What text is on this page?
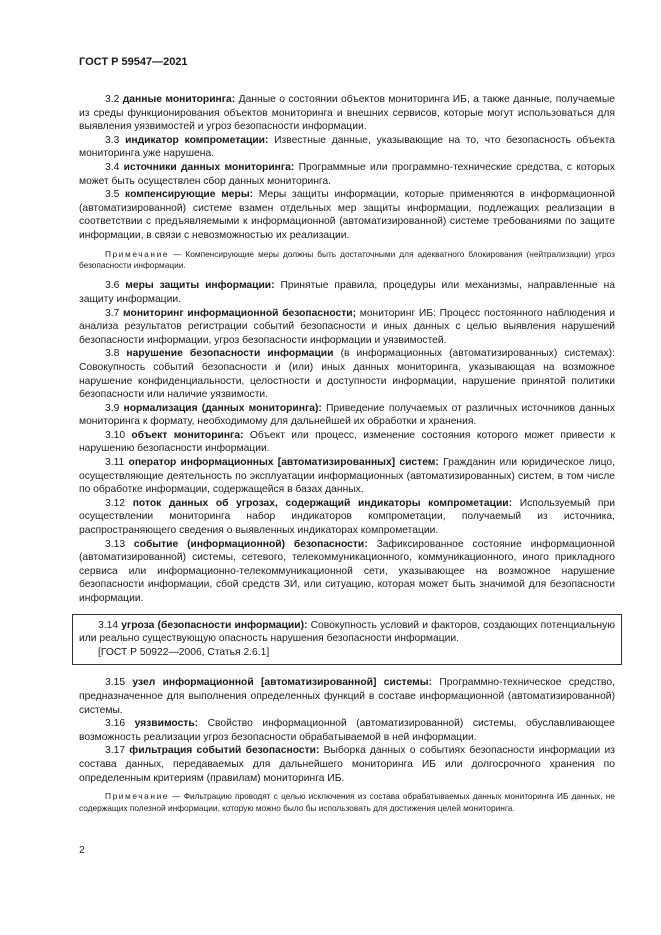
ГОСТ Р 59547—2021

3.2 данные мониторинга: Данные о состоянии объектов мониторинга ИБ, а также данные, получаемые из среды функционирования объектов мониторинга и внешних сервисов, которые могут использоваться для выявления уязвимостей и угроз безопасности информации.

3.3 индикатор компрометации: Известные данные, указывающие на то, что безопасность объекта мониторинга уже нарушена.

3.4 источники данных мониторинга: Программные или программно-технические средства, с которых может быть осуществлен сбор данных мониторинга.

3.5 компенсирующие меры: Меры защиты информации, которые применяются в информационной (автоматизированной) системе взамен отдельных мер защиты информации, подлежащих реализации в соответствии с предъявляемыми к информационной (автоматизированной) системе требованиями по защите информации, в связи с невозможностью их реализации.

Примечание — Компенсирующие меры должны быть достаточными для адекватного блокирования (нейтрализации) угроз безопасности информации.

3.6 меры защиты информации: Принятые правила, процедуры или механизмы, направленные на защиту информации.

3.7 мониторинг информационной безопасности; мониторинг ИБ: Процесс постоянного наблюдения и анализа результатов регистрации событий безопасности и иных данных с целью выявления нарушений безопасности информации, угроз безопасности информации и уязвимостей.

3.8 нарушение безопасности информации (в информационных (автоматизированных) системах): Совокупность событий безопасности и (или) иных данных мониторинга, указывающая на возможное нарушение конфиденциальности, целостности и доступности информации, нарушение принятой политики безопасности или наличие уязвимости.

3.9 нормализация (данных мониторинга): Приведение получаемых от различных источников данных мониторинга к формату, необходимому для дальнейшей их обработки и хранения.

3.10 объект мониторинга: Объект или процесс, изменение состояния которого может привести к нарушению безопасности информации.

3.11 оператор информационных [автоматизированных] систем: Гражданин или юридическое лицо, осуществляющие деятельность по эксплуатации информационных (автоматизированных) систем, в том числе по обработке информации, содержащейся в базах данных.

3.12 поток данных об угрозах, содержащий индикаторы компрометации: Используемый при осуществлении мониторинга набор индикаторов компрометации, получаемый из источника, распространяющего сведения о выявленных индикаторах компрометации.

3.13 событие (информационной) безопасности: Зафиксированное состояние информационной (автоматизированной) системы, сетевого, телекоммуникационного, коммуникационного, иного прикладного сервиса или информационно-телекоммуникационной сети, указывающее на возможное нарушение безопасности информации, сбой средств ЗИ, или ситуацию, которая может быть значимой для безопасности информации.

3.14 угроза (безопасности информации): Совокупность условий и факторов, создающих потенциальную или реально существующую опасность нарушения безопасности информации.

[ГОСТ Р 50922—2006, Статья 2.6.1]

3.15 узел информационной [автоматизированной] системы: Программно-техническое средство, предназначенное для выполнения определенных функций в составе информационной (автоматизированной) системы.

3.16 уязвимость: Свойство информационной (автоматизированной) системы, обуславливающее возможность реализации угроз безопасности обрабатываемой в ней информации.

3.17 фильтрация событий безопасности: Выборка данных о событиях безопасности информации из состава данных, передаваемых для дальнейшего мониторинга ИБ или долгосрочного хранения по определенным критериям (правилам) мониторинга ИБ.

Примечание — Фильтрацию проводят с целью исключения из состава обрабатываемых данных мониторинга ИБ данных, не содержащих полезной информации, которую можно было бы использовать для достижения целей мониторинга.

2
